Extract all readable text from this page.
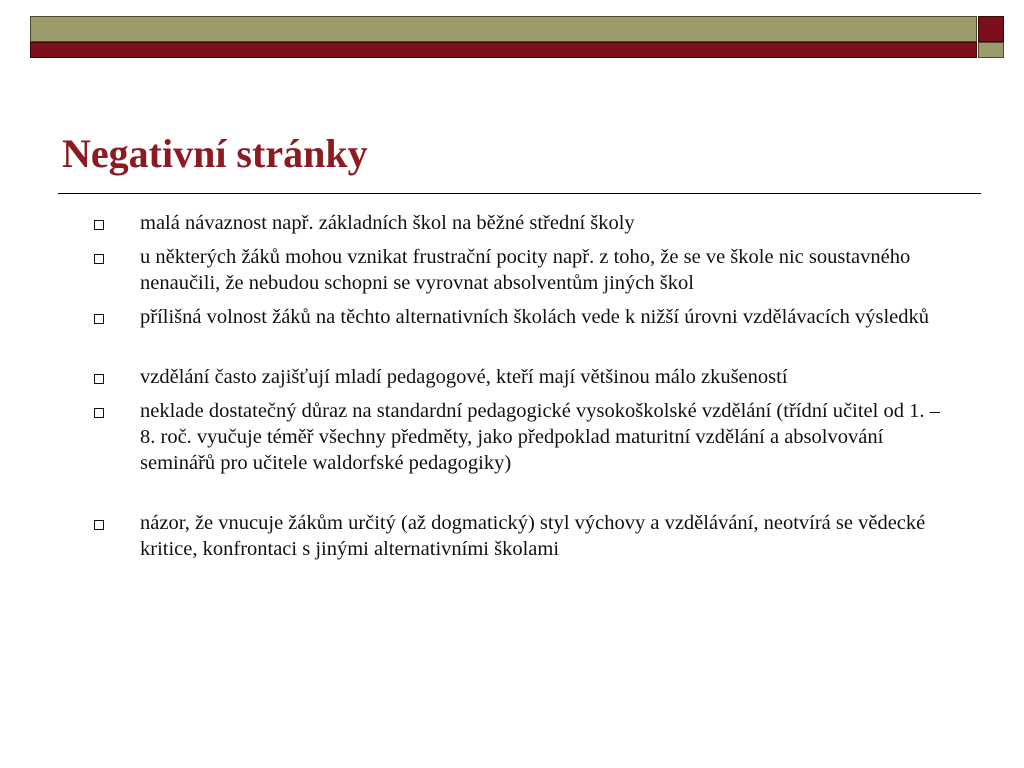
Negativní stránky
malá návaznost např. základních škol na běžné střední školy
u některých žáků mohou vznikat frustrační pocity např. z toho, že se ve škole nic soustavného nenaučili, že nebudou schopni se vyrovnat absolventům jiných škol
přílišná volnost žáků na těchto alternativních školách vede k nižší úrovni vzdělávacích výsledků
vzdělání často zajišťují mladí pedagogové, kteří mají většinou málo zkušeností
neklade dostatečný důraz na standardní pedagogické vysokoškolské vzdělání (třídní učitel od 1. – 8. roč. vyučuje téměř všechny předměty, jako předpoklad maturitní vzdělání a absolvování seminářů pro učitele waldorfské pedagogiky)
názor, že vnucuje žákům určitý (až dogmatický) styl výchovy a vzdělávání, neotvírá se vědecké kritice, konfrontaci s jinými alternativními školami
